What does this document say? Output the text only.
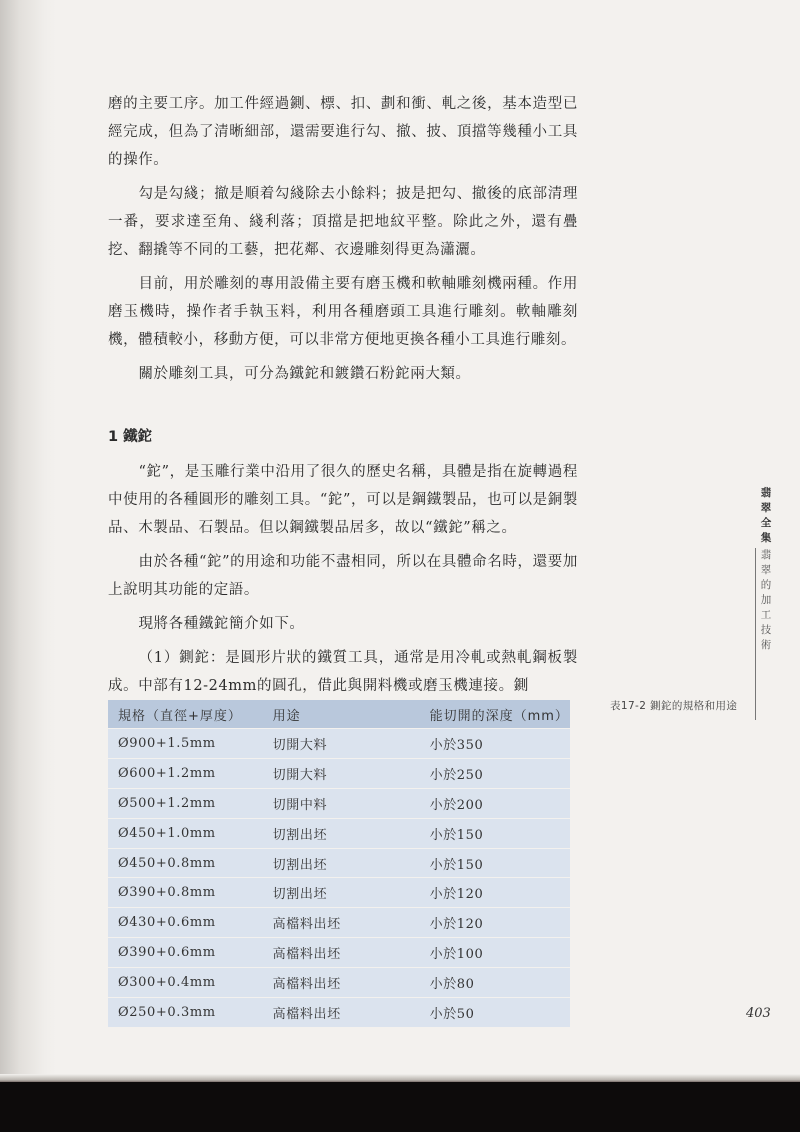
磨的主要工序。加工件經過鍘、標、扣、劃和衝、軋之後，基本造型已經完成，但為了清晰細部，還需要進行勾、撤、披、頂擋等幾種小工具的操作。

勾是勾綫；撤是順着勾綫除去小餘料；披是把勾、撤後的底部清理一番，要求達至角、綫利落；頂擋是把地紋平整。除此之外，還有疊挖、翻撬等不同的工藝，把花鄰、衣邊雕刻得更為瀟灑。

目前，用於雕刻的專用設備主要有磨玉機和軟軸雕刻機兩種。作用磨玉機時，操作者手執玉料，利用各種磨頭工具進行雕刻。軟軸雕刻機，體積較小，移動方便，可以非常方便地更換各種小工具進行雕刻。

關於雕刻工具，可分為鐵鉈和鍍鑽石粉鉈兩大類。

1 鐵鉈

“鉈”，是玉雕行業中沿用了很久的歷史名稱，具體是指在旋轉過程中使用的各種圓形的雕刻工具。“鉈”，可以是鋼鐵製品，也可以是銅製品、木製品、石製品。但以鋼鐵製品居多，故以“鐵鉈”稱之。

由於各種“鉈”的用途和功能不盡相同，所以在具體命名時，還要加上說明其功能的定語。

現將各種鐵鉈簡介如下。

（1）鍘鉈：是圓形片狀的鐵質工具，通常是用冷軋或熱軋鋼板製成。中部有12-24mm的圓孔，借此與開料機或磨玉機連接。鍘

規格（直徑+厚度）	用途	能切開的深度（mm）
Ø900+1.5mm	切開大料	小於350
Ø600+1.2mm	切開大料	小於250
Ø500+1.2mm	切開中料	小於200
Ø450+1.0mm	切割出坯	小於150
Ø450+0.8mm	切割出坯	小於150
Ø390+0.8mm	切割出坯	小於120
Ø430+0.6mm	高檔料出坯	小於120
Ø390+0.6mm	高檔料出坯	小於100
Ø300+0.4mm	高檔料出坯	小於80
Ø250+0.3mm	高檔料出坯	小於50
表17-2 鍘鉈的規格和用途
翡翠全集
翡翠的加工技術
403
